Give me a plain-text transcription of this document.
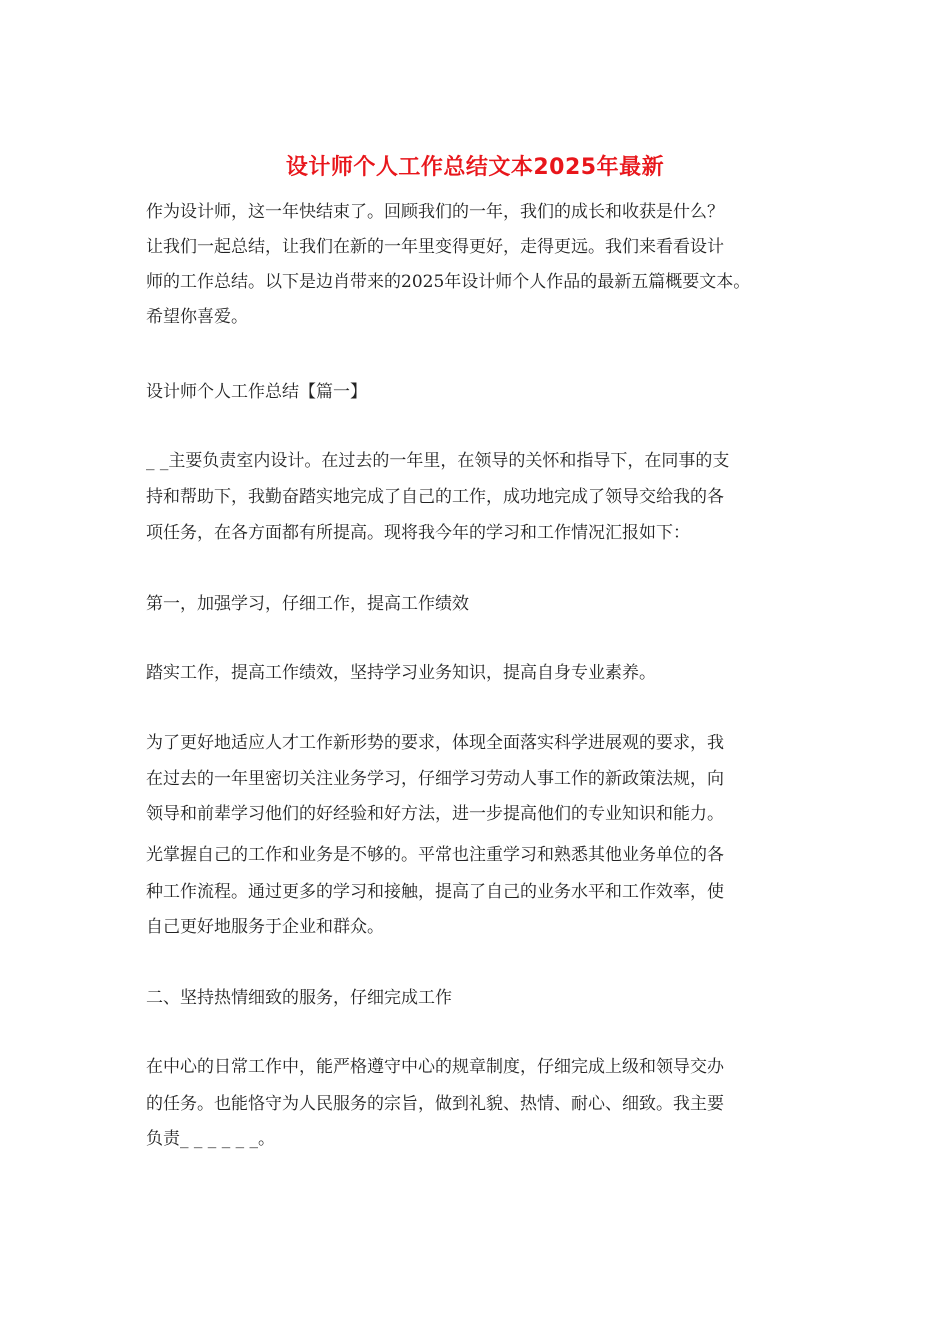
设计师个人工作总结文本2025年最新
作为设计师，这一年快结束了。回顾我们的一年，我们的成长和收获是什么？
让我们一起总结，让我们在新的一年里变得更好，走得更远。我们来看看设计
师的工作总结。以下是边肖带来的2025年设计师个人作品的最新五篇概要文本。
希望你喜爱。
设计师个人工作总结【篇一】
_ _主要负责室内设计。在过去的一年里，在领导的关怀和指导下，在同事的支
持和帮助下，我勤奋踏实地完成了自己的工作，成功地完成了领导交给我的各
项任务，在各方面都有所提高。现将我今年的学习和工作情况汇报如下：
第一，加强学习，仔细工作，提高工作绩效
踏实工作，提高工作绩效，坚持学习业务知识，提高自身专业素养。
为了更好地适应人才工作新形势的要求，体现全面落实科学进展观的要求，我
在过去的一年里密切关注业务学习，仔细学习劳动人事工作的新政策法规，向
领导和前辈学习他们的好经验和好方法，进一步提高他们的专业知识和能力。
光掌握自己的工作和业务是不够的。平常也注重学习和熟悉其他业务单位的各
种工作流程。通过更多的学习和接触，提高了自己的业务水平和工作效率，使
自己更好地服务于企业和群众。
二、坚持热情细致的服务，仔细完成工作
在中心的日常工作中，能严格遵守中心的规章制度，仔细完成上级和领导交办
的任务。也能恪守为人民服务的宗旨，做到礼貌、热情、耐心、细致。我主要
负责_ _ _ _ _ _。
